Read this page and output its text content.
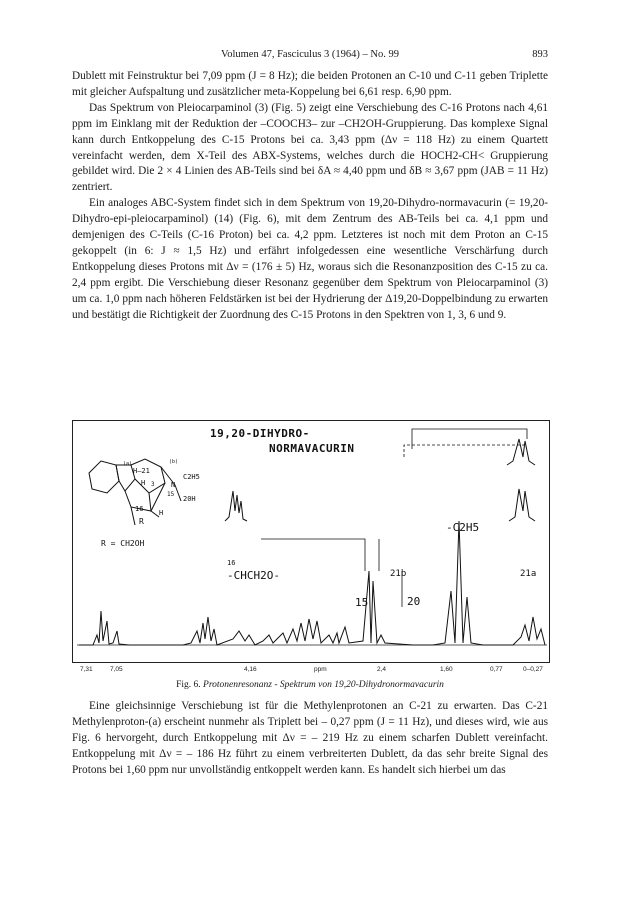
Volumen 47, Fasciculus 3 (1964) – No. 99	893

Dublett mit Feinstruktur bei 7,09 ppm (J = 8 Hz); die beiden Protonen an C-10 und C-11 geben Triplette mit gleicher Aufspaltung und zusätzlicher meta-Koppelung bei 6,61 resp. 6,90 ppm.

Das Spektrum von Pleiocarpaminol (3) (Fig. 5) zeigt eine Verschiebung des C-16 Protons nach 4,61 ppm im Einklang mit der Reduktion der –COOCH3– zur –CH2OH-Gruppierung. Das komplexe Signal kann durch Entkoppelung des C-15 Protons bei ca. 3,43 ppm (Δν = 118 Hz) zu einem Quartett vereinfacht werden, dem X-Teil des ABX-Systems, welches durch die HOCH2-CH< Gruppierung gebildet wird. Die 2 × 4 Linien des AB-Teils sind bei δA ≈ 4,40 ppm und δB ≈ 3,67 ppm (JAB = 11 Hz) zentriert.

Ein analoges ABC-System findet sich in dem Spektrum von 19,20-Dihydro-normavacurin (= 19,20-Dihydro-epi-pleiocarpaminol) (14) (Fig. 6), mit dem Zentrum des AB-Teils bei ca. 4,1 ppm und demjenigen des C-Teils (C-16 Proton) bei ca. 4,2 ppm. Letzteres ist noch mit dem Proton an C-15 gekoppelt (in 6: J ≈ 1,5 Hz) und erfährt infolgedessen eine wesentliche Verschärfung durch Entkoppelung dieses Protons mit Δν = (176 ± 5) Hz, woraus sich die Resonanzposition des C-15 zu ca. 2,4 ppm ergibt. Die Verschiebung dieser Resonanz gegenüber dem Spektrum von Pleiocarpaminol (3) um ca. 1,0 ppm nach höheren Feldstärken ist bei der Hydrierung der Δ19,20-Doppelbindung zu erwarten und bestätigt die Richtigkeit der Zuordnung des C-15 Protons in den Spektren von 1, 3, 6 und 9.

19,20-DIHYDRO-
NORMAVACURIN
-C2H5
16
-CHCH2O-
15	20
21b	21a
(a)	(b)
H—21
H 3 N
C2H5
15
20H
16 H
R
R = CH2OH
7,31	7,05	4,16	ppm	2,4	1,60	0,77	0–0,27
Fig. 6. Protonenresonanz - Spektrum von 19,20-Dihydronormavacurin

Eine gleichsinnige Verschiebung ist für die Methylenprotonen an C-21 zu erwarten. Das C-21 Methylenproton-(a) erscheint nunmehr als Triplett bei – 0,27 ppm (J = 11 Hz), und dieses wird, wie aus Fig. 6 hervorgeht, durch Entkoppelung mit Δν = – 219 Hz zu einem scharfen Dublett vereinfacht. Entkoppelung mit Δν = – 186 Hz führt zu einem verbreiterten Dublett, da das sehr breite Signal des Protons bei 1,60 ppm nur unvollständig entkoppelt werden kann. Es handelt sich hierbei um das
